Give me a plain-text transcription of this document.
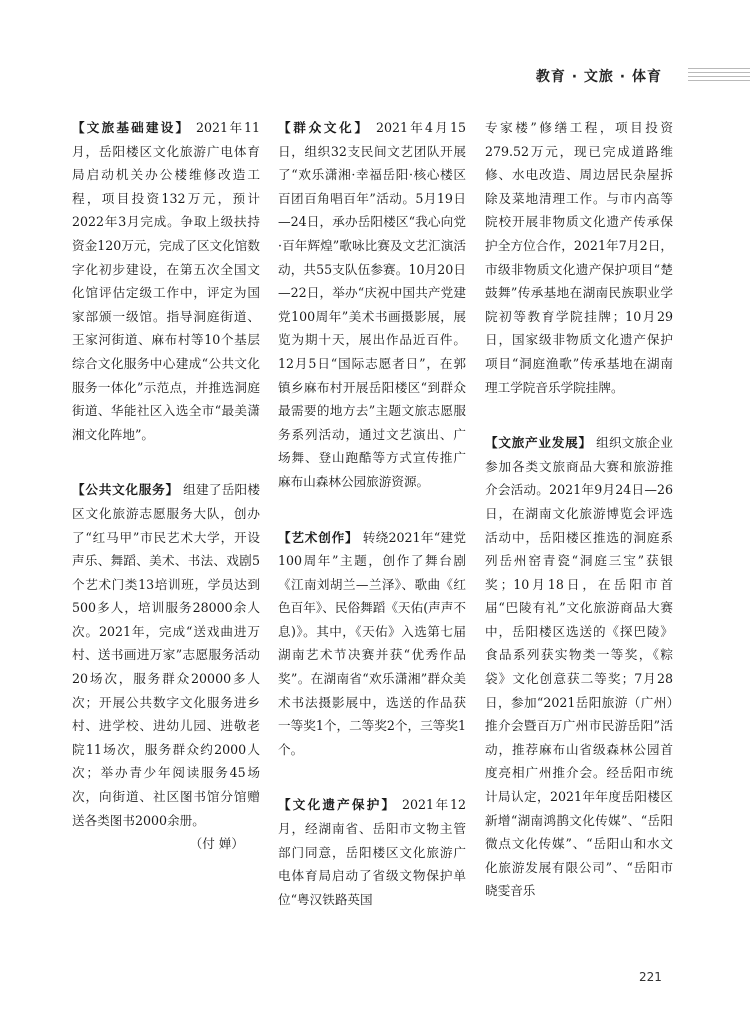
教育 · 文旅 · 体育

【文旅基础建设】 2021年11月，岳阳楼区文化旅游广电体育局启动机关办公楼维修改造工程，项目投资132万元，预计2022年3月完成。争取上级扶持资金120万元，完成了区文化馆数字化初步建设，在第五次全国文化馆评估定级工作中，评定为国家部颁一级馆。指导洞庭街道、王家河街道、麻布村等10个基层综合文化服务中心建成“公共文化服务一体化”示范点，并推选洞庭街道、华能社区入选全市“最美潇湘文化阵地”。

【公共文化服务】 组建了岳阳楼区文化旅游志愿服务大队，创办了“红马甲”市民艺术大学，开设声乐、舞蹈、美术、书法、戏剧5个艺术门类13培训班，学员达到500多人，培训服务28000余人次。2021年，完成“送戏曲进万村、送书画进万家”志愿服务活动20场次，服务群众20000多人次；开展公共数字文化服务进乡村、进学校、进幼儿园、进敬老院11场次，服务群众约2000人次；举办青少年阅读服务45场次，向街道、社区图书馆分馆赠送各类图书2000余册。

（付 婵）

【群众文化】 2021年4月15日，组织32支民间文艺团队开展了“欢乐潇湘·幸福岳阳·核心楼区百团百角唱百年”活动。5月19日—24日，承办岳阳楼区“我心向党·百年辉煌”歌咏比赛及文艺汇演活动，共55支队伍参赛。10月20日—22日，举办“庆祝中国共产党建党100周年”美术书画摄影展，展览为期十天，展出作品近百件。12月5日“国际志愿者日”，在郭镇乡麻布村开展岳阳楼区“到群众最需要的地方去”主题文旅志愿服务系列活动，通过文艺演出、广场舞、登山跑酷等方式宣传推广麻布山森林公园旅游资源。

【艺术创作】 转绕2021年“建党100周年”主题，创作了舞台剧《江南刘胡兰—兰泽》、歌曲《红色百年》、民俗舞蹈《天佑(声声不息)》。其中，《天佑》入选第七届湖南艺术节决赛并获“优秀作品奖”。在湖南省“欢乐潇湘”群众美术书法摄影展中，选送的作品获一等奖1个，二等奖2个，三等奖1个。

【文化遗产保护】 2021年12月，经湖南省、岳阳市文物主管部门同意，岳阳楼区文化旅游广电体育局启动了省级文物保护单位“粤汉铁路英国

专家楼”修缮工程，项目投资279.52万元，现已完成道路维修、水电改造、周边居民杂屋拆除及菜地清理工作。与市内高等院校开展非物质文化遗产传承保护全方位合作，2021年7月2日，市级非物质文化遗产保护项目“楚鼓舞”传承基地在湖南民族职业学院初等教育学院挂牌；10月29日，国家级非物质文化遗产保护项目“洞庭渔歌”传承基地在湖南理工学院音乐学院挂牌。

【文旅产业发展】 组织文旅企业参加各类文旅商品大赛和旅游推介会活动。2021年9月24日—26日，在湖南文化旅游博览会评选活动中，岳阳楼区推选的洞庭系列岳州窑青瓷“洞庭三宝”获银奖；10月18日，在岳阳市首届“巴陵有礼”文化旅游商品大赛中，岳阳楼区选送的《探巴陵》食品系列获实物类一等奖，《粽袋》文化创意获二等奖；7月28日，参加“2021岳阳旅游（广州）推介会暨百万广州市民游岳阳”活动，推荐麻布山省级森林公园首度亮相广州推介会。经岳阳市统计局认定，2021年年度岳阳楼区新增“湖南鸿鹊文化传媒”、“岳阳微点文化传媒”、“岳阳山和水文化旅游发展有限公司”、“岳阳市晓雯音乐

221
